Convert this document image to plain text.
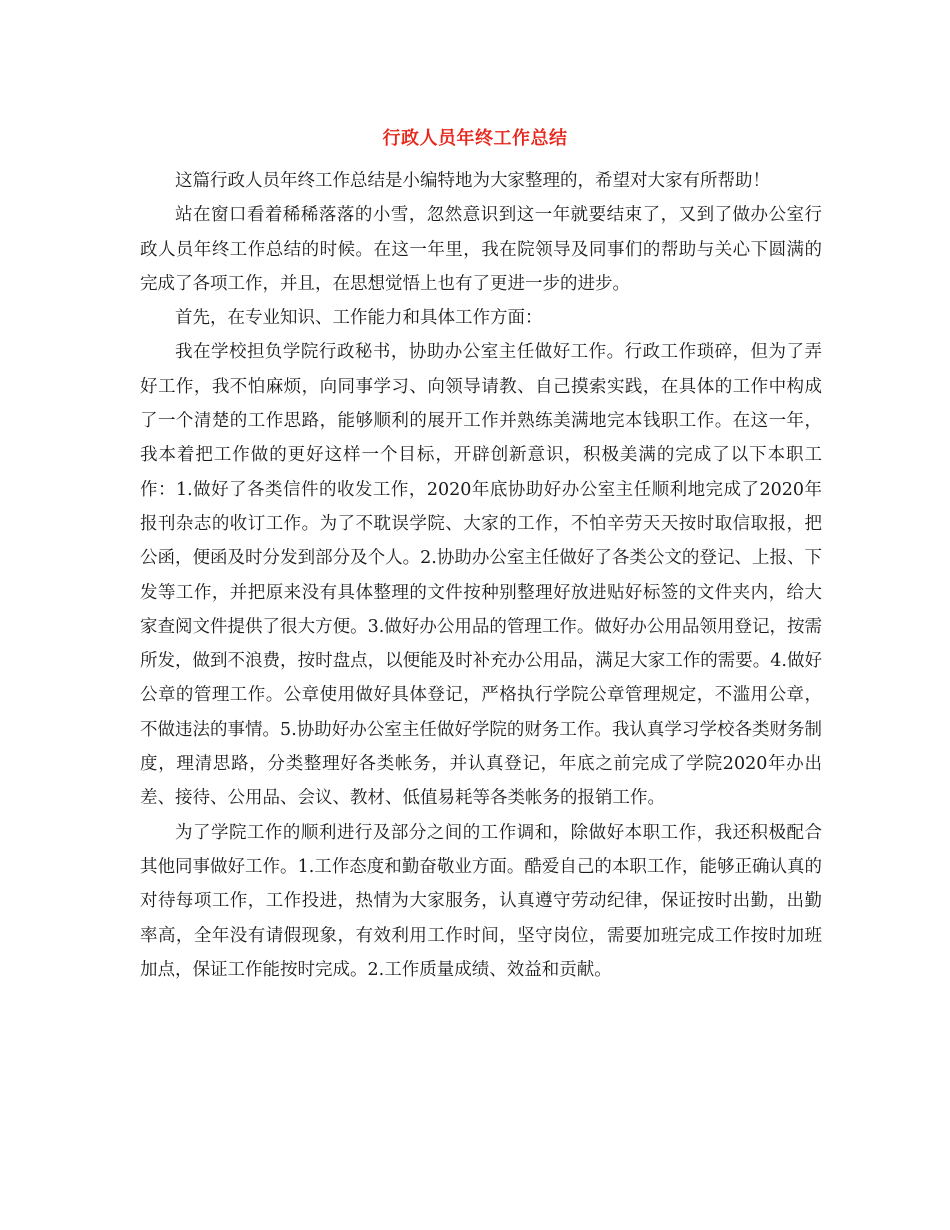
行政人员年终工作总结

这篇行政人员年终工作总结是小编特地为大家整理的，希望对大家有所帮助！

站在窗口看着稀稀落落的小雪，忽然意识到这一年就要结束了，又到了做办公室行政人员年终工作总结的时候。在这一年里，我在院领导及同事们的帮助与关心下圆满的完成了各项工作，并且，在思想觉悟上也有了更进一步的进步。

首先，在专业知识、工作能力和具体工作方面：

我在学校担负学院行政秘书，协助办公室主任做好工作。行政工作琐碎，但为了弄好工作，我不怕麻烦，向同事学习、向领导请教、自己摸索实践，在具体的工作中构成了一个清楚的工作思路，能够顺利的展开工作并熟练美满地完本钱职工作。在这一年，我本着把工作做的更好这样一个目标，开辟创新意识，积极美满的完成了以下本职工作：1.做好了各类信件的收发工作，2020年底协助好办公室主任顺利地完成了2020年报刊杂志的收订工作。为了不耽误学院、大家的工作，不怕辛劳天天按时取信取报，把公函，便函及时分发到部分及个人。2.协助办公室主任做好了各类公文的登记、上报、下发等工作，并把原来没有具体整理的文件按种别整理好放进贴好标签的文件夹内，给大家查阅文件提供了很大方便。3.做好办公用品的管理工作。做好办公用品领用登记，按需所发，做到不浪费，按时盘点，以便能及时补充办公用品，满足大家工作的需要。4.做好公章的管理工作。公章使用做好具体登记，严格执行学院公章管理规定，不滥用公章，不做违法的事情。5.协助好办公室主任做好学院的财务工作。我认真学习学校各类财务制度，理清思路，分类整理好各类帐务，并认真登记，年底之前完成了学院2020年办出差、接待、公用品、会议、教材、低值易耗等各类帐务的报销工作。

为了学院工作的顺利进行及部分之间的工作调和，除做好本职工作，我还积极配合其他同事做好工作。1.工作态度和勤奋敬业方面。酷爱自己的本职工作，能够正确认真的对待每项工作，工作投进，热情为大家服务，认真遵守劳动纪律，保证按时出勤，出勤率高，全年没有请假现象，有效利用工作时间，坚守岗位，需要加班完成工作按时加班加点，保证工作能按时完成。2.工作质量成绩、效益和贡献。
